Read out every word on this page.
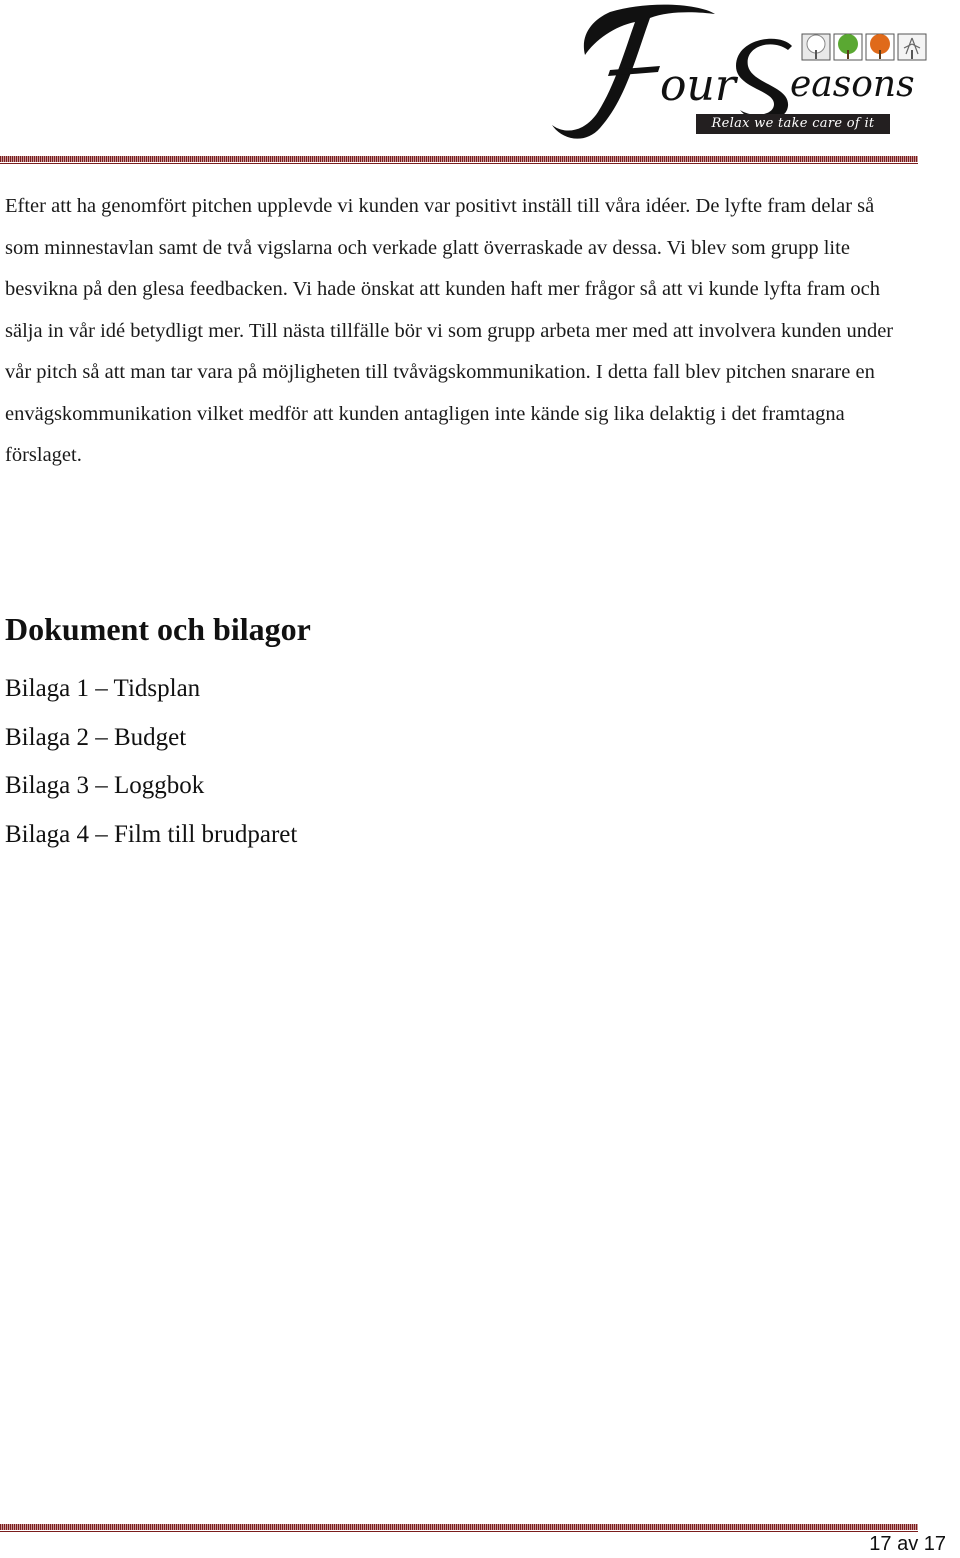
our easons
Relax we take care of it

Efter att ha genomfört pitchen upplevde vi kunden var positivt inställ till våra idéer. De lyfte fram delar så som minnestavlan samt de två vigslarna och verkade glatt överraskade av dessa. Vi blev som grupp lite besvikna på den glesa feedbacken. Vi hade önskat att kunden haft mer frågor så att vi kunde lyfta fram och sälja in vår idé betydligt mer. Till nästa tillfälle bör vi som grupp arbeta mer med att involvera kunden under vår pitch så att man tar vara på möjligheten till tvåvägskommunikation. I detta fall blev pitchen snarare en envägskommunikation vilket medför att kunden antagligen inte kände sig lika delaktig i det framtagna förslaget.

Dokument och bilagor
Bilaga 1 – Tidsplan
Bilaga 2 – Budget
Bilaga 3 – Loggbok
Bilaga 4 – Film till brudparet
17 av 17
